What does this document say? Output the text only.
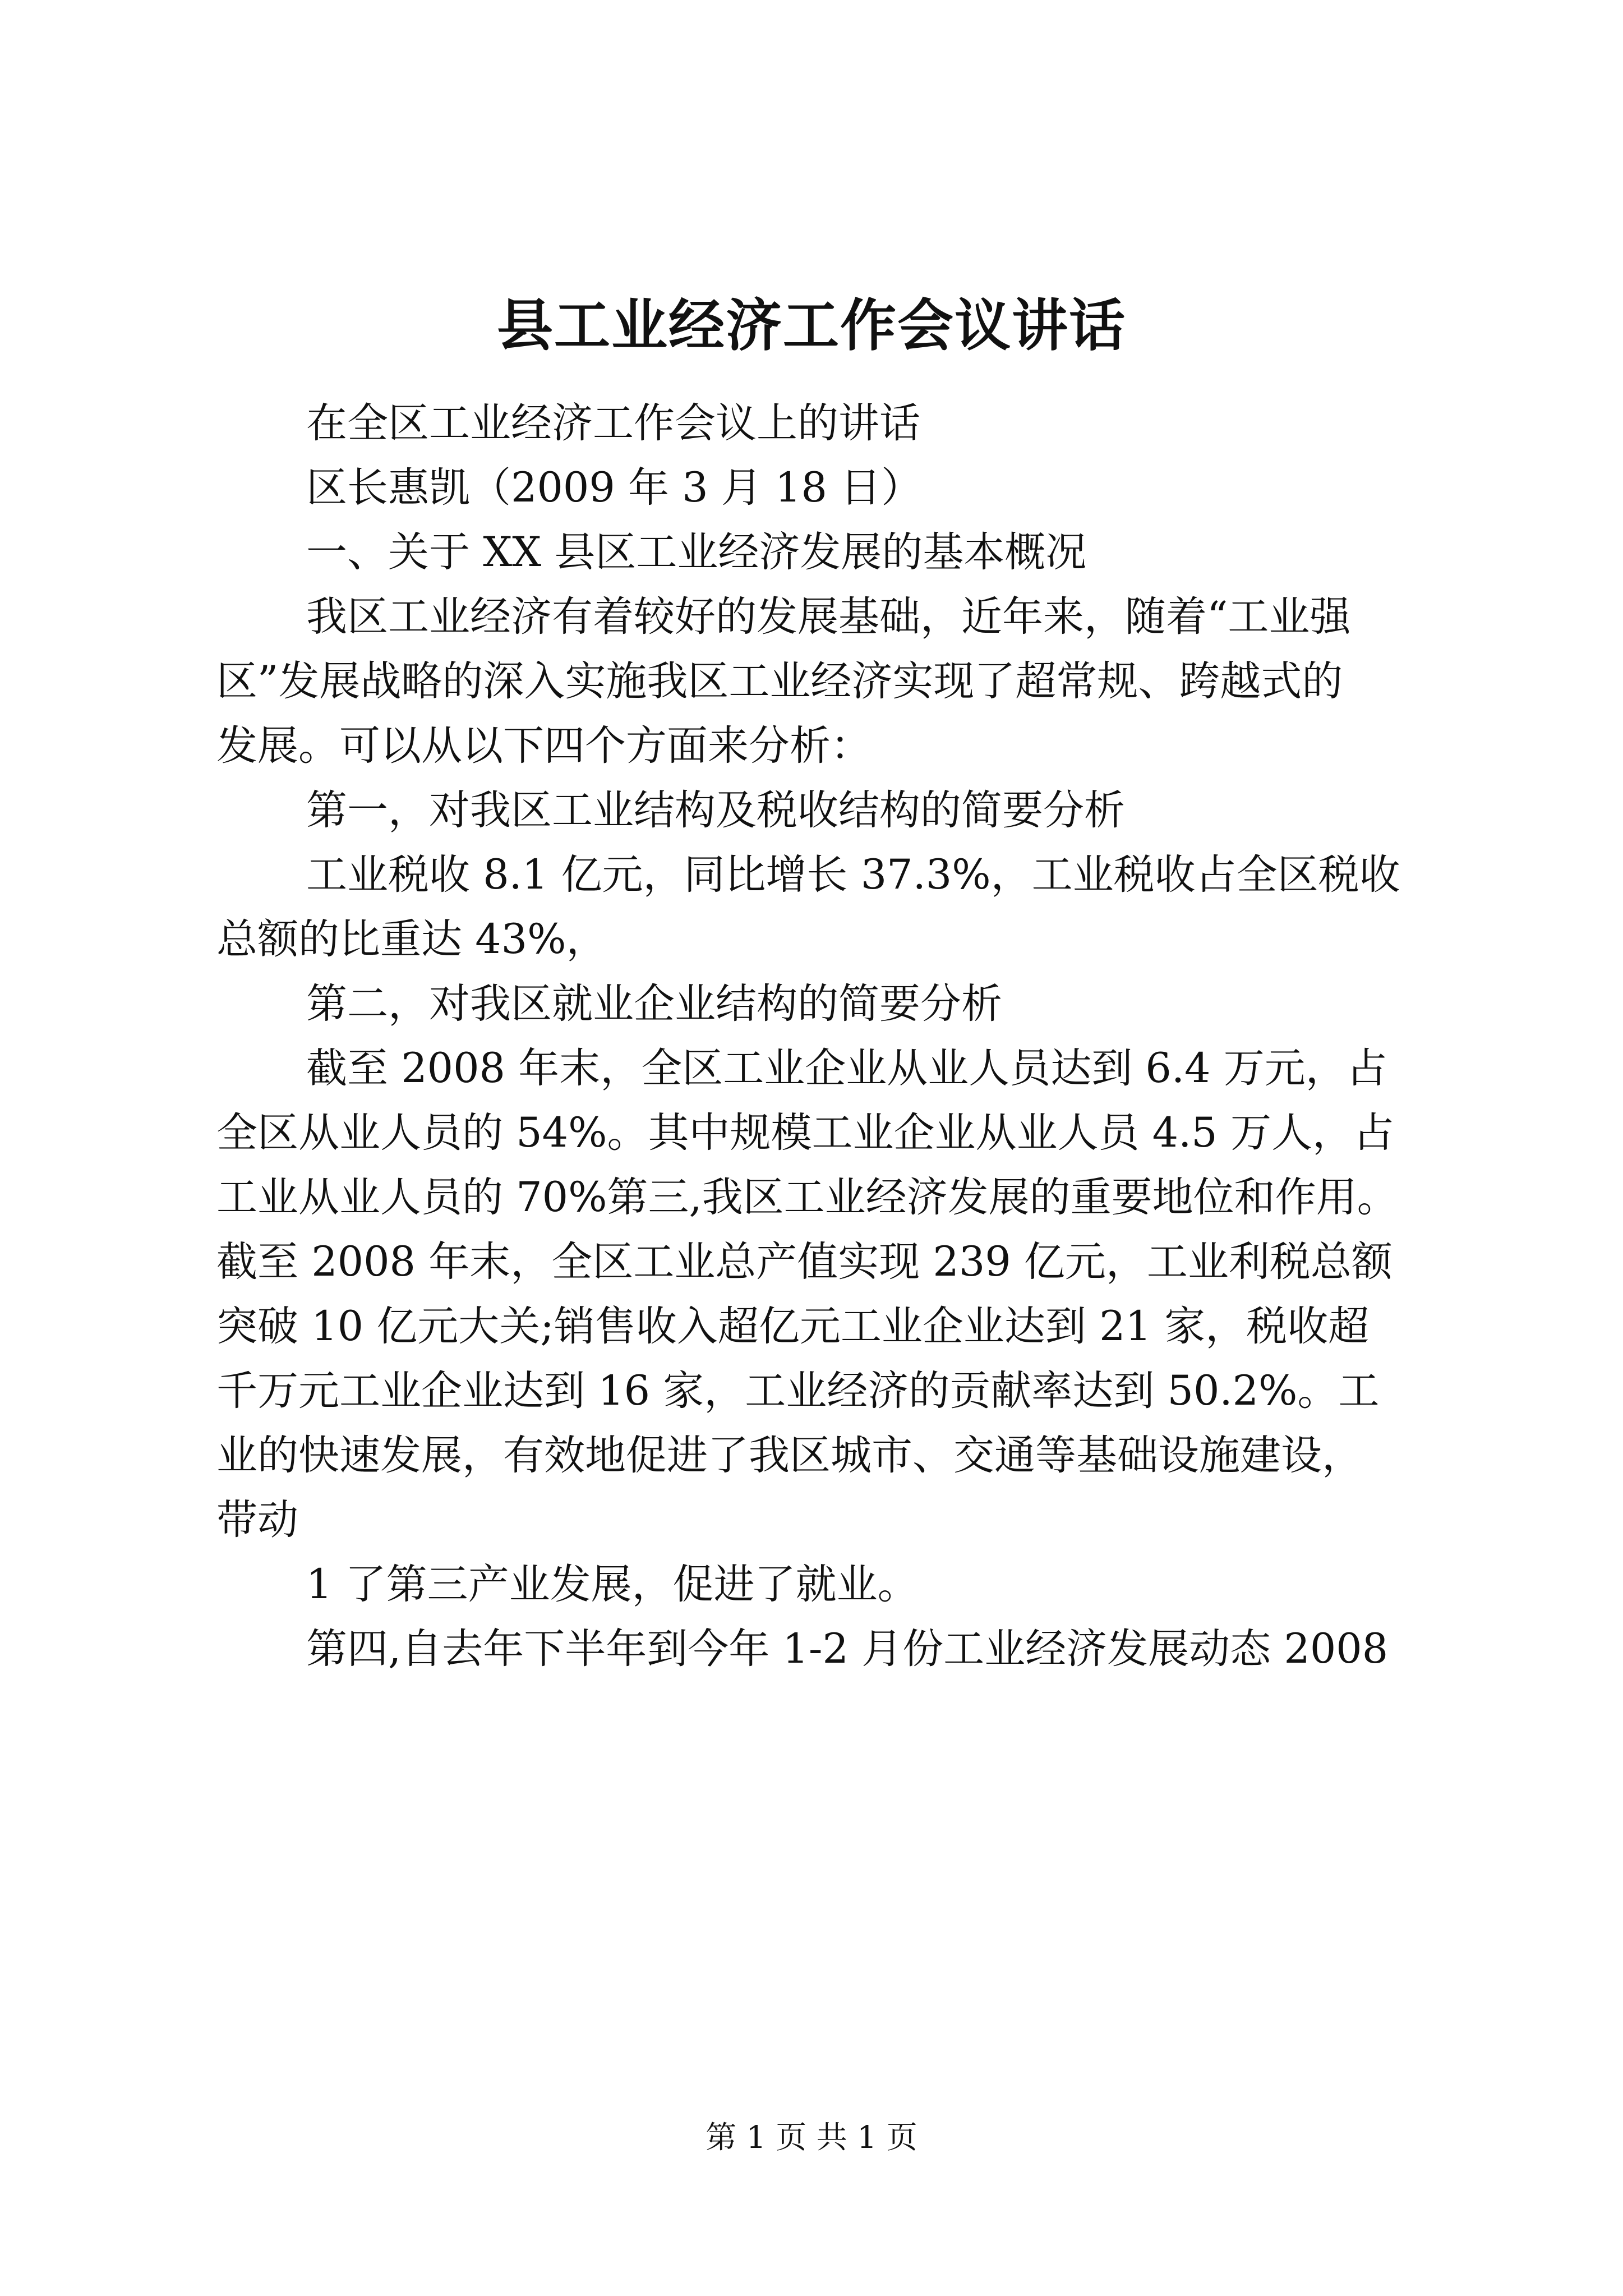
县工业经济工作会议讲话
在全区工业经济工作会议上的讲话
区长惠凯（2009 年 3 月 18 日）
一、关于 XX 县区工业经济发展的基本概况
我区工业经济有着较好的发展基础，近年来，随着“工业强
区”发展战略的深入实施我区工业经济实现了超常规、跨越式的
发展。可以从以下四个方面来分析：
第一，对我区工业结构及税收结构的简要分析
工业税收 8.1 亿元，同比增长 37.3%，工业税收占全区税收
总额的比重达 43%，
第二，对我区就业企业结构的简要分析
截至 2008 年末，全区工业企业从业人员达到 6.4 万元，占
全区从业人员的 54%。其中规模工业企业从业人员 4.5 万人，占
工业从业人员的 70%第三,我区工业经济发展的重要地位和作用。
截至 2008 年末，全区工业总产值实现 239 亿元，工业利税总额
突破 10 亿元大关;销售收入超亿元工业企业达到 21 家，税收超
千万元工业企业达到 16 家，工业经济的贡献率达到 50.2%。工
业的快速发展，有效地促进了我区城市、交通等基础设施建设，
带动
1 了第三产业发展，促进了就业。
第四,自去年下半年到今年 1-2 月份工业经济发展动态 2008
第 1 页 共 1 页
